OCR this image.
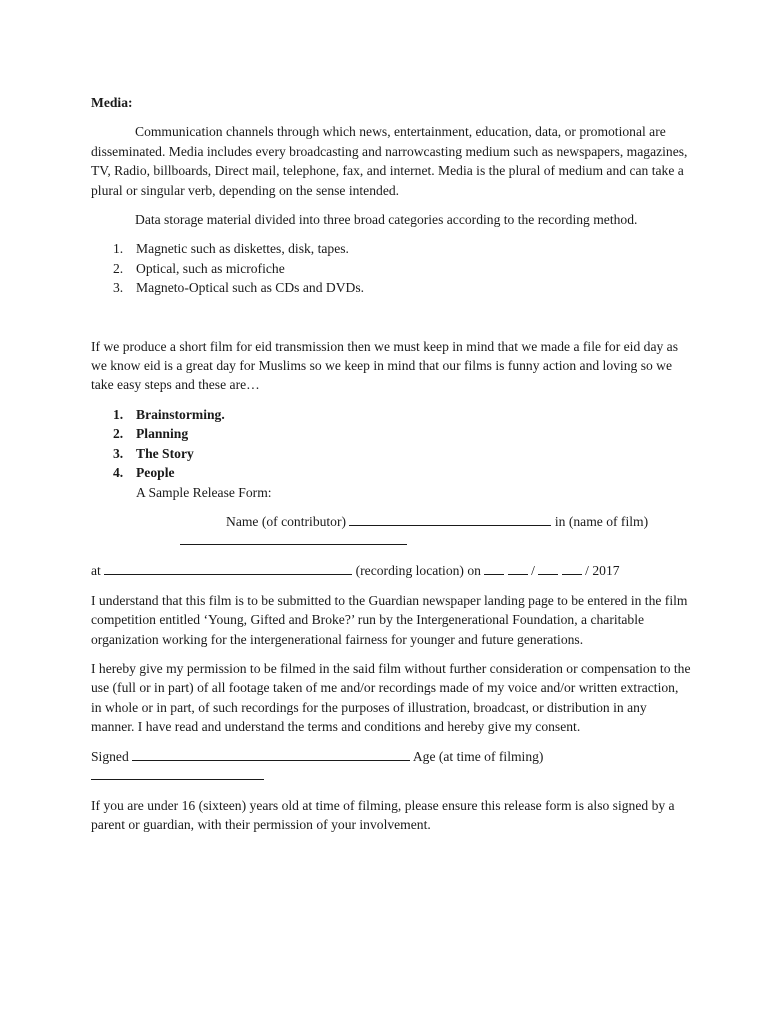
Media:

Communication channels through which news, entertainment, education, data, or promotional are disseminated. Media includes every broadcasting and narrowcasting medium such as newspapers, magazines, TV, Radio, billboards, Direct mail, telephone, fax, and internet. Media is the plural of medium and can take a plural or singular verb, depending on the sense intended.

Data storage material divided into three broad categories according to the recording method.

1. Magnetic such as diskettes, disk, tapes.
2. Optical, such as microfiche
3. Magneto-Optical such as CDs and DVDs.

If we produce a short film for eid transmission then we must keep in mind that we made a file for eid day as we know eid is a great day for Muslims so we keep in mind that our films is funny action and loving so we take easy steps and these are…

1. Brainstorming.
2. Planning
3. The Story
4. People

A Sample Release Form:

Name (of contributor)	in (name of film)

at	(recording location) on	/	/ 2017

I understand that this film is to be submitted to the Guardian newspaper landing page to be entered in the film competition entitled ‘Young, Gifted and Broke?’ run by the Intergenerational Foundation, a charitable organization working for the intergenerational fairness for younger and future generations.

I hereby give my permission to be filmed in the said film without further consideration or compensation to the use (full or in part) of all footage taken of me and/or recordings made of my voice and/or written extraction, in whole or in part, of such recordings for the purposes of illustration, broadcast, or distribution in any manner. I have read and understand the terms and conditions and hereby give my consent.

Signed	Age (at time of filming)

If you are under 16 (sixteen) years old at time of filming, please ensure this release form is also signed by a parent or guardian, with their permission of your involvement.
